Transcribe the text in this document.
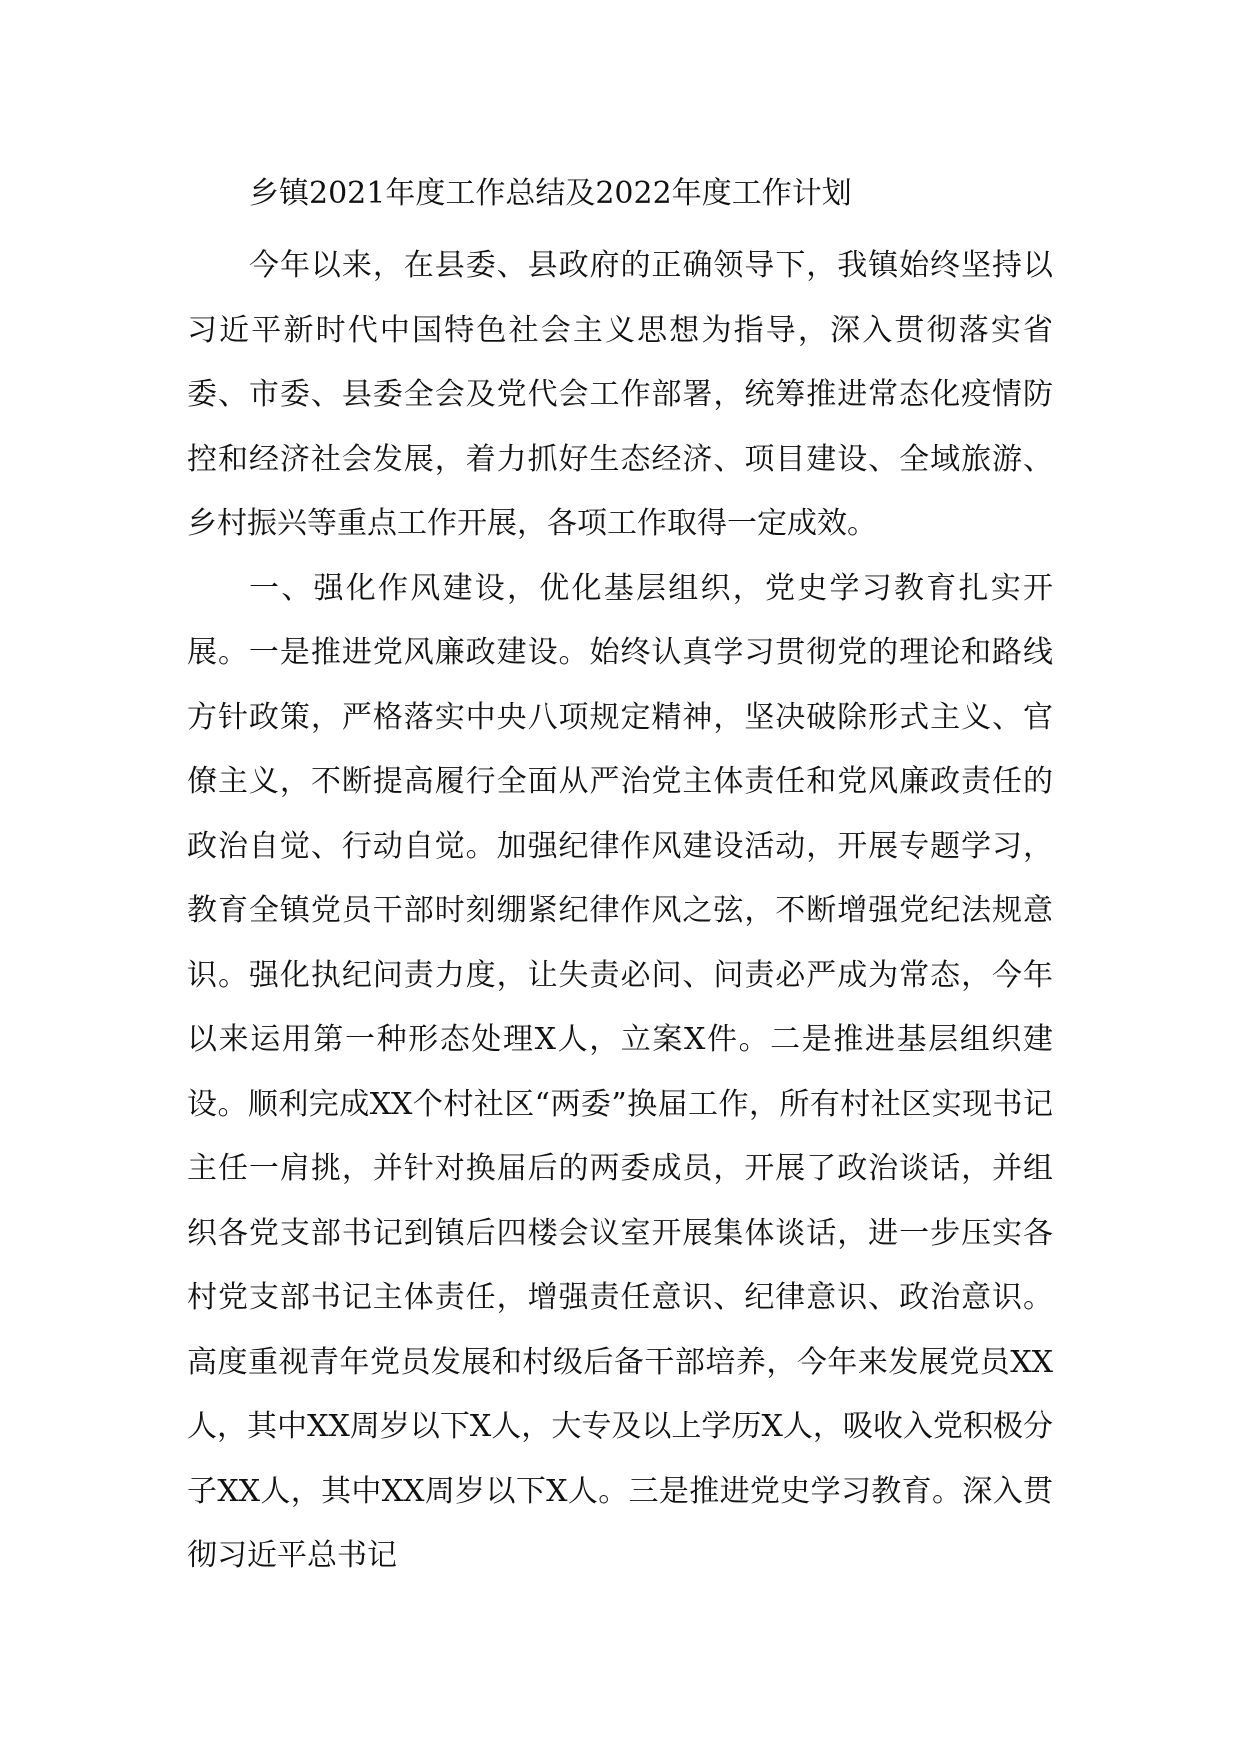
乡镇2021年度工作总结及2022年度工作计划

今年以来，在县委、县政府的正确领导下，我镇始终坚持以习近平新时代中国特色社会主义思想为指导，深入贯彻落实省委、市委、县委全会及党代会工作部署，统筹推进常态化疫情防控和经济社会发展，着力抓好生态经济、项目建设、全域旅游、乡村振兴等重点工作开展，各项工作取得一定成效。

一、强化作风建设，优化基层组织，党史学习教育扎实开展。一是推进党风廉政建设。始终认真学习贯彻党的理论和路线方针政策，严格落实中央八项规定精神，坚决破除形式主义、官僚主义，不断提高履行全面从严治党主体责任和党风廉政责任的政治自觉、行动自觉。加强纪律作风建设活动，开展专题学习，教育全镇党员干部时刻绷紧纪律作风之弦，不断增强党纪法规意识。强化执纪问责力度，让失责必问、问责必严成为常态，今年以来运用第一种形态处理X人，立案X件。二是推进基层组织建设。顺利完成XX个村社区“两委”换届工作，所有村社区实现书记主任一肩挑，并针对换届后的两委成员，开展了政治谈话，并组织各党支部书记到镇后四楼会议室开展集体谈话，进一步压实各村党支部书记主体责任，增强责任意识、纪律意识、政治意识。高度重视青年党员发展和村级后备干部培养，今年来发展党员XX人，其中XX周岁以下X人，大专及以上学历X人，吸收入党积极分子XX人，其中XX周岁以下X人。三是推进党史学习教育。深入贯彻习近平总书记
